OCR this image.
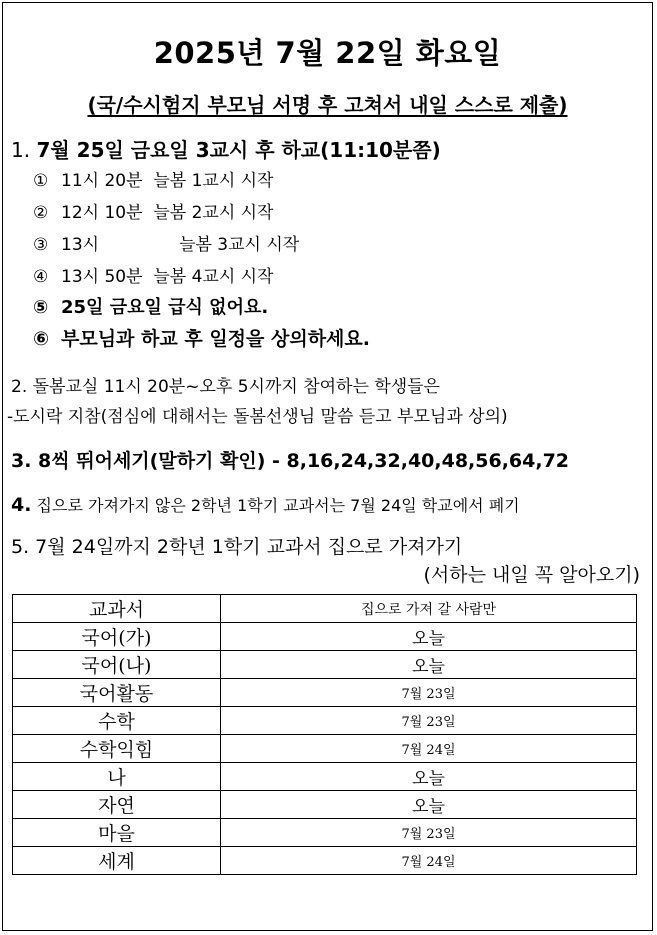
2025년 7월 22일 화요일
(국/수시험지 부모님 서명 후 고쳐서 내일 스스로 제출)
1. 7월 25일 금요일 3교시 후 하교(11:10분쯤)
① 11시 20분 늘봄 1교시 시작
② 12시 10분 늘봄 2교시 시작
③ 13시	늘봄 3교시 시작
④ 13시 50분 늘봄 4교시 시작
⑤ 25일 금요일 급식 없어요.
⑥ 부모님과 하교 후 일정을 상의하세요.
2. 돌봄교실 11시 20분~오후 5시까지 참여하는 학생들은
-도시락 지참(점심에 대해서는 돌봄선생님 말씀 듣고 부모님과 상의)
3. 8씩 뛰어세기(말하기 확인) - 8,16,24,32,40,48,56,64,72
4. 집으로 가져가지 않은 2학년 1학기 교과서는 7월 24일 학교에서 폐기
5. 7월 24일까지 2학년 1학기 교과서 집으로 가져가기
(서하는 내일 꼭 알아오기)
교과서	집으로 가져 갈 사람만
국어(가)	오늘
국어(나)	오늘
국어활동	7월 23일
수학	7월 23일
수학익힘	7월 24일
나	오늘
자연	오늘
마을	7월 23일
세계	7월 24일
